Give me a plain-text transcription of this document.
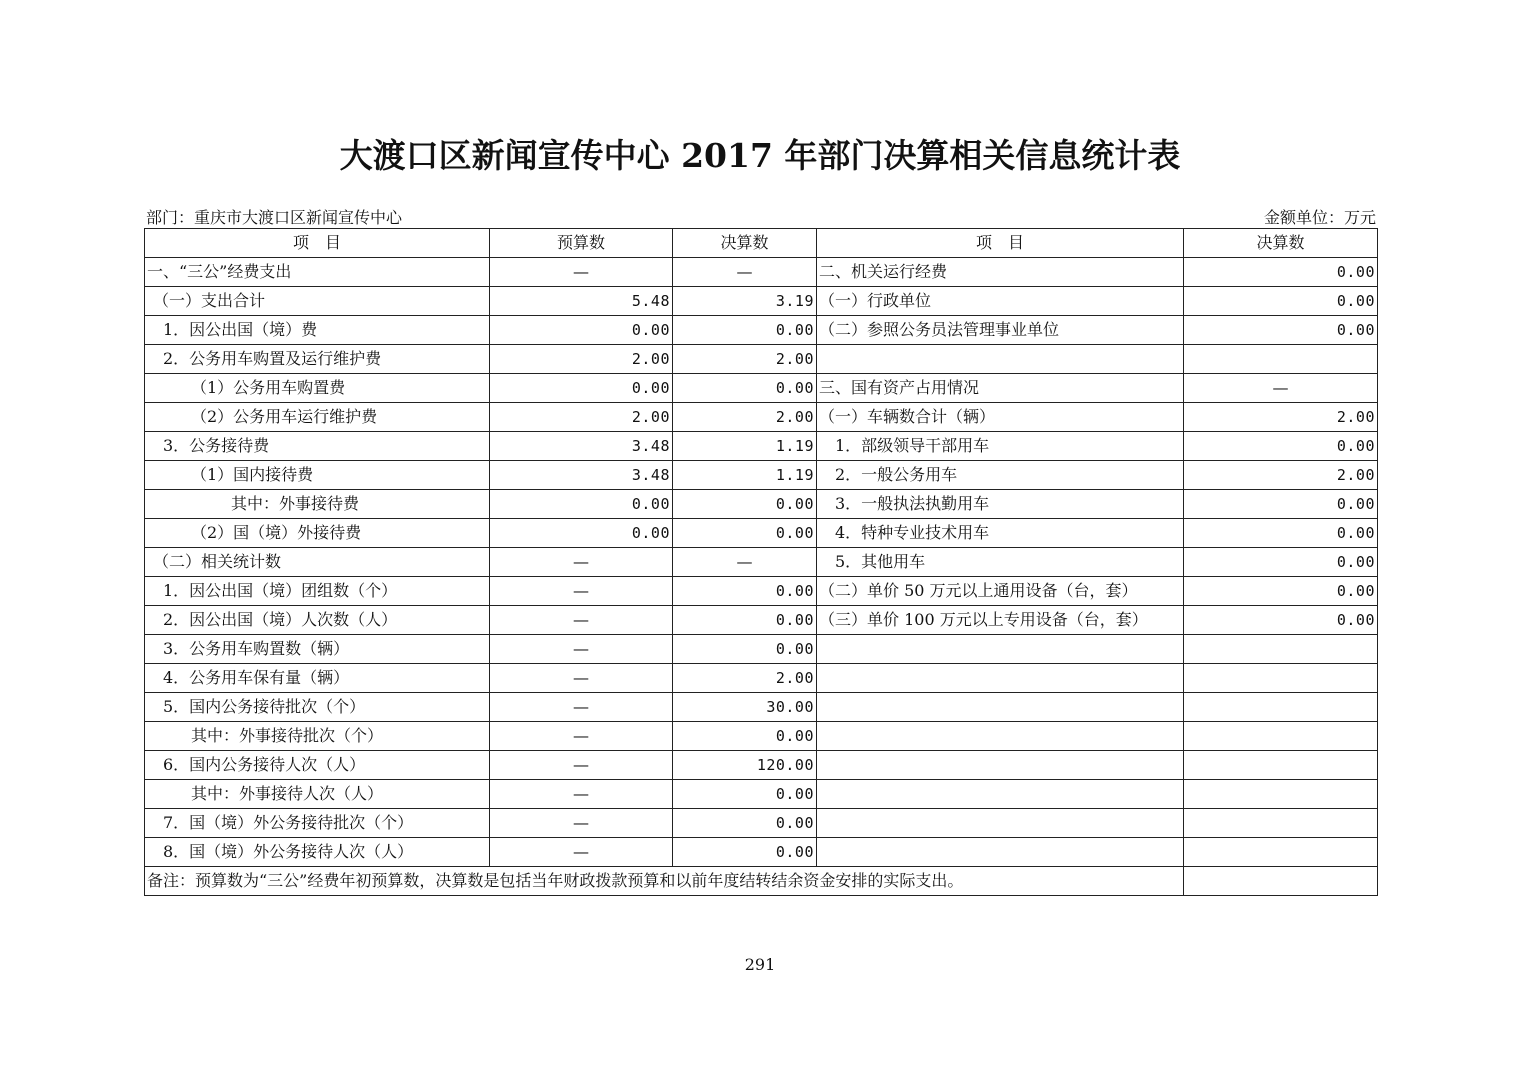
大渡口区新闻宣传中心 2017 年部门决算相关信息统计表
部门：重庆市大渡口区新闻宣传中心	金额单位：万元
项　目	预算数	决算数	项　目	决算数
一、“三公”经费支出	—	—	二、机关运行经费	0.00
（一）支出合计	5.48	3.19	（一）行政单位	0.00
1．因公出国（境）费	0.00	0.00	（二）参照公务员法管理事业单位	0.00
2．公务用车购置及运行维护费	2.00	2.00		
（1）公务用车购置费	0.00	0.00	三、国有资产占用情况	—
（2）公务用车运行维护费	2.00	2.00	（一）车辆数合计（辆）	2.00
3．公务接待费	3.48	1.19	1．部级领导干部用车	0.00
（1）国内接待费	3.48	1.19	2．一般公务用车	2.00
其中：外事接待费	0.00	0.00	3．一般执法执勤用车	0.00
（2）国（境）外接待费	0.00	0.00	4．特种专业技术用车	0.00
（二）相关统计数	—	—	5．其他用车	0.00
1．因公出国（境）团组数（个）	—	0.00	（二）单价 50 万元以上通用设备（台，套）	0.00
2．因公出国（境）人次数（人）	—	0.00	（三）单价 100 万元以上专用设备（台，套）	0.00
3．公务用车购置数（辆）	—	0.00		
4．公务用车保有量（辆）	—	2.00		
5．国内公务接待批次（个）	—	30.00		
其中：外事接待批次（个）	—	0.00		
6．国内公务接待人次（人）	—	120.00		
其中：外事接待人次（人）	—	0.00		
7．国（境）外公务接待批次（个）	—	0.00		
8．国（境）外公务接待人次（人）	—	0.00		
备注：预算数为“三公”经费年初预算数，决算数是包括当年财政拨款预算和以前年度结转结余资金安排的实际支出。				
291
